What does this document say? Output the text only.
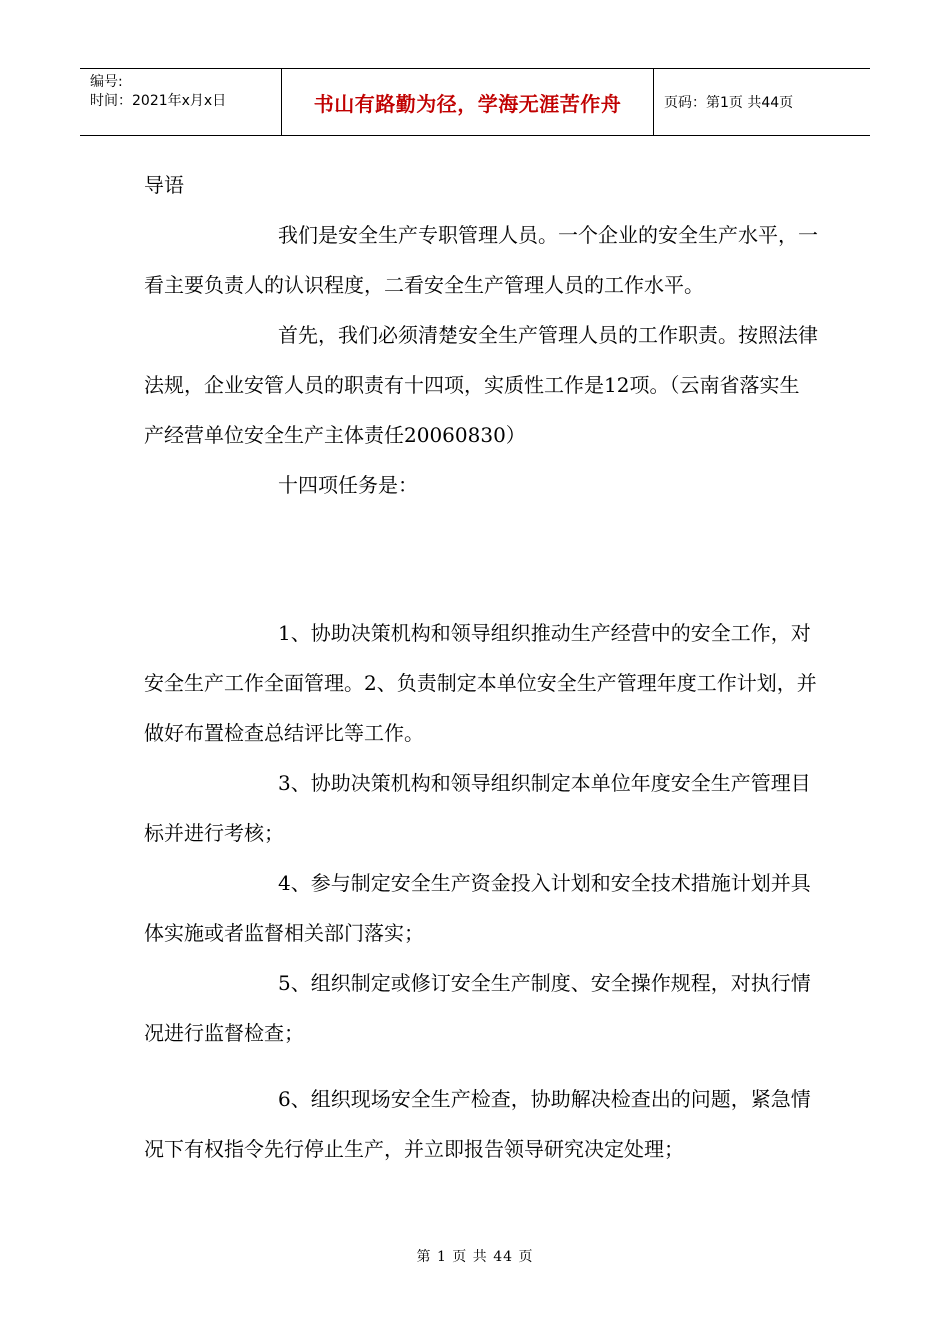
编号:
时间：2021年x月x日	书山有路勤为径，学海无涯苦作舟	页码：第1页 共44页

导语

我们是安全生产专职管理人员。一个企业的安全生产水平，一看主要负责人的认识程度，二看安全生产管理人员的工作水平。

首先，我们必须清楚安全生产管理人员的工作职责。按照法律法规，企业安管人员的职责有十四项，实质性工作是12项。（云南省落实生产经营单位安全生产主体责任20060830）

十四项任务是：

1、协助决策机构和领导组织推动生产经营中的安全工作，对安全生产工作全面管理。2、负责制定本单位安全生产管理年度工作计划，并做好布置检查总结评比等工作。

3、协助决策机构和领导组织制定本单位年度安全生产管理目标并进行考核；

4、参与制定安全生产资金投入计划和安全技术措施计划并具体实施或者监督相关部门落实；

5、组织制定或修订安全生产制度、安全操作规程，对执行情况进行监督检查；

6、组织现场安全生产检查，协助解决检查出的问题，紧急情况下有权指令先行停止生产，并立即报告领导研究决定处理；

第 1 页 共 44 页
